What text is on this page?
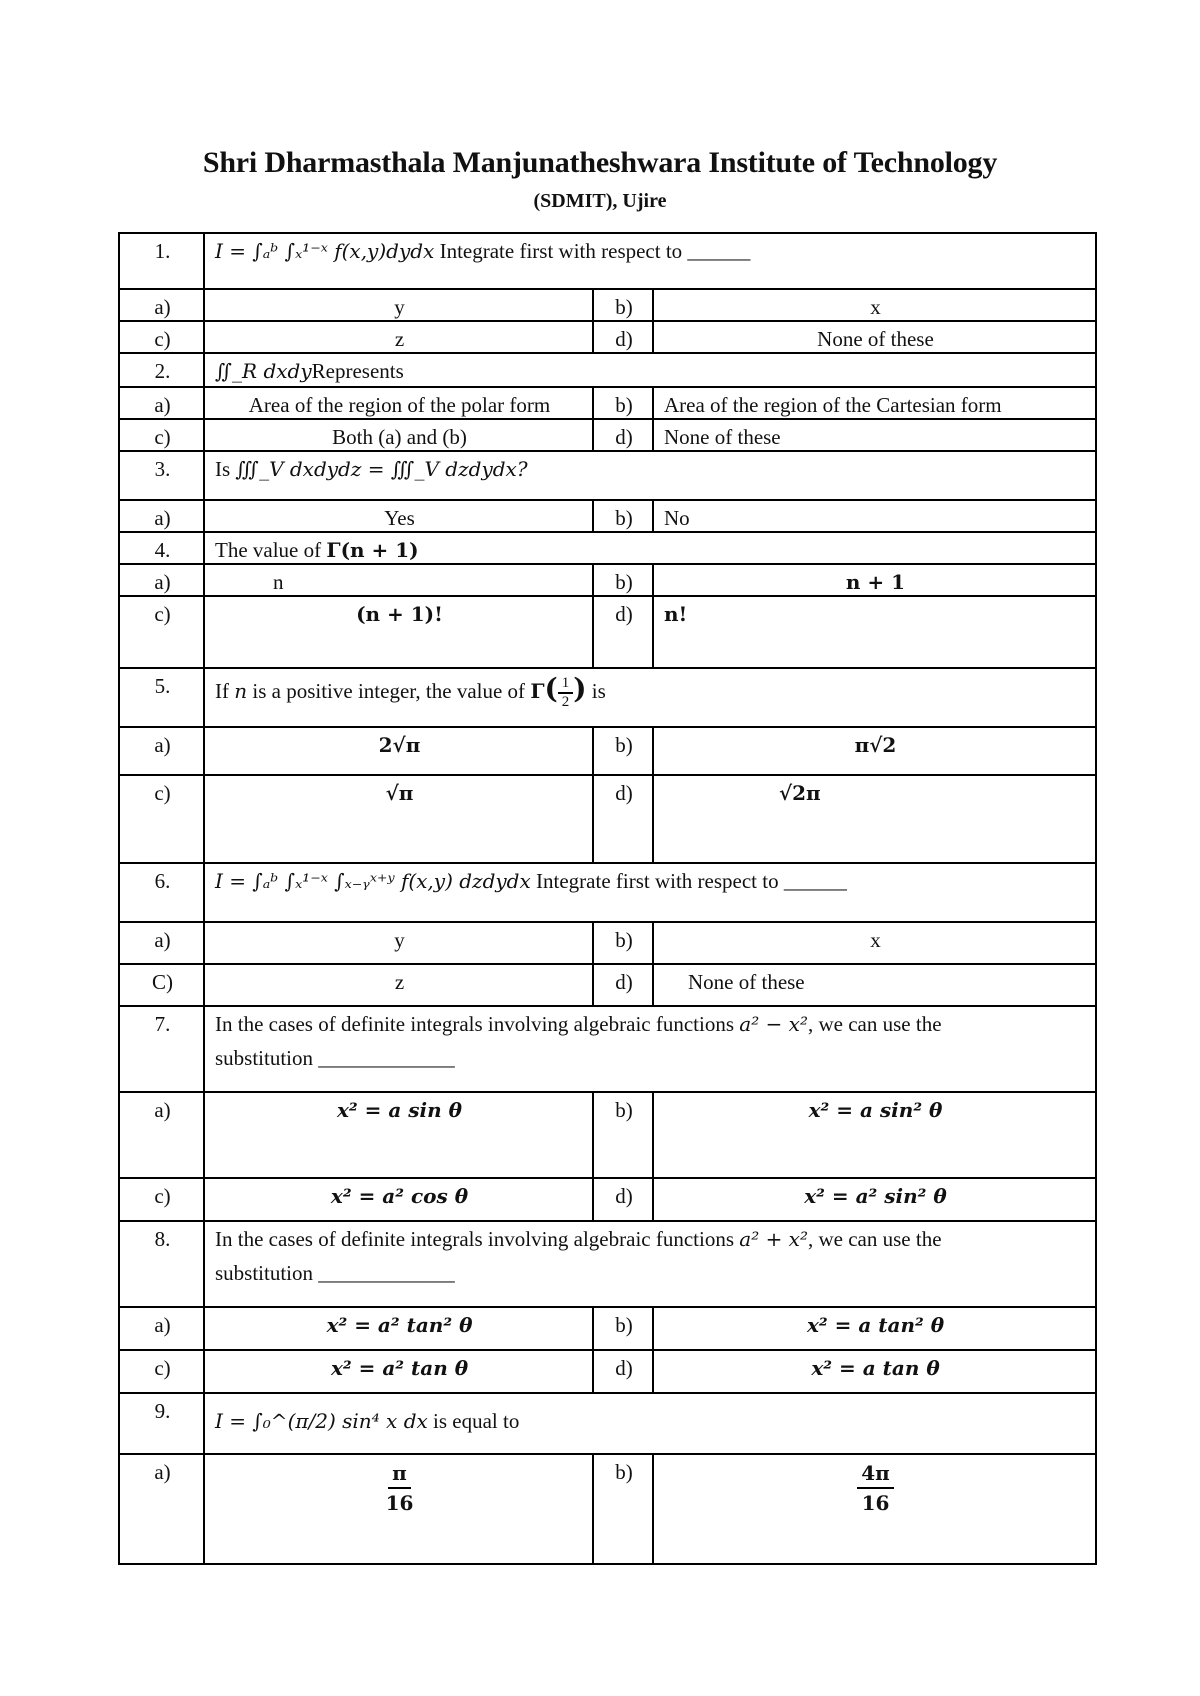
Shri Dharmasthala Manjunatheshwara Institute of Technology
(SDMIT), Ujire
1.	I = ∫ₐᵇ ∫ₓ¹⁻ˣ f(x,y)dydx Integrate first with respect to ______		
a)	y	b)	x
c)	z	d)	None of these
2.	∬_R dxdyRepresents		
a)	Area of the region of the polar form	b)	Area of the region of the Cartesian form
c)	Both (a) and (b)	d)	None of these
3.	Is ∭_V dxdydz = ∭_V dzdydx?		
a)	Yes	b)	No
4.	The value of Γ(n + 1)		
a)	n	b)	n + 1
c)	(n + 1)!	d)	n!
5.	If n is a positive integer, the value of $\Gamma( \frac{1}{2}$ ) is		
a)	2√π	b)	π√2
c)	√π	d)	√2π
6.	I = ∫ₐᵇ ∫ₓ¹⁻ˣ ∫ₓ₋ᵧˣ⁺ʸ f(x,y) dzdydx Integrate first with respect to ______		
a)	y	b)	x
C)	z	d)	None of these
7.	In the cases of definite integrals involving algebraic functions a² − x², we can use the
substitution _____________		

a)	x² = a sin θ	b)	x² = a sin² θ
c)	x² = a² cos θ	d)	x² = a² sin² θ
8.	In the cases of definite integrals involving algebraic functions a² + x², we can use the
substitution _____________		

a)	x² = a² tan² θ	b)	x² = a tan² θ
c)	x² = a² tan θ	d)	x² = a tan θ
9.	I = ∫₀^(π/2) sin⁴ x dx is equal to		
a)	$\frac{\pi}{16}$	b)	$\frac{4\pi}{16}$
